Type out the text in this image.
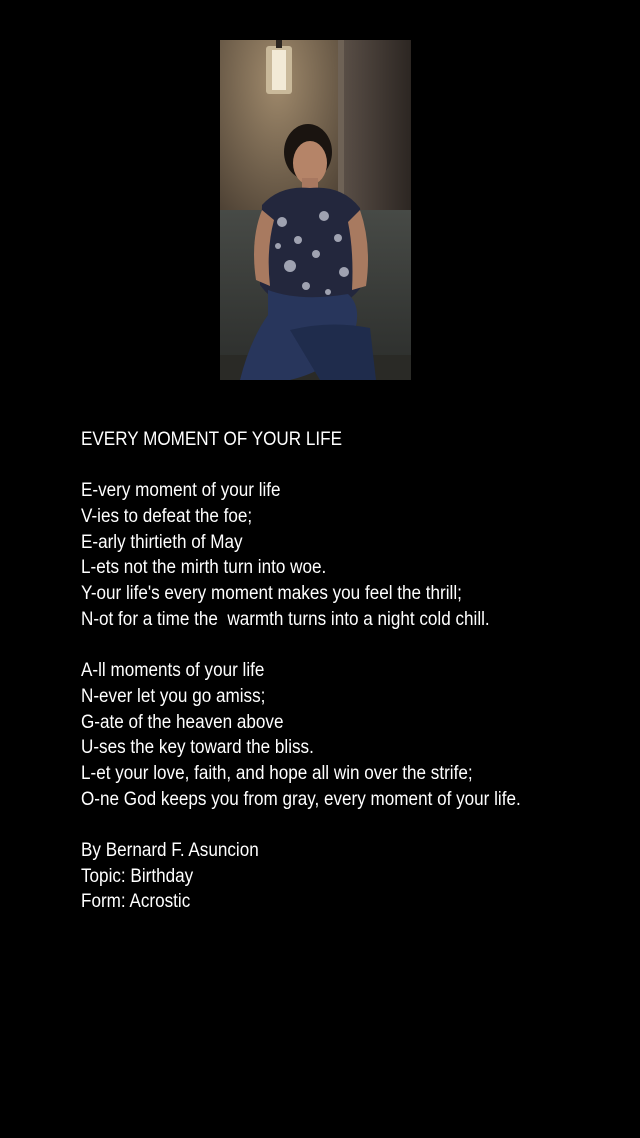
EVERY MOMENT OF YOUR LIFE
E-very moment of your life
V-ies to defeat the foe;
E-arly thirtieth of May
L-ets not the mirth turn into woe.
Y-our life's every moment makes you feel the thrill;
N-ot for a time the  warmth turns into a night cold chill.
A-ll moments of your life
N-ever let you go amiss;
G-ate of the heaven above
U-ses the key toward the bliss.
L-et your love, faith, and hope all win over the strife;
O-ne God keeps you from gray, every moment of your life.
By Bernard F. Asuncion
Topic: Birthday
Form: Acrostic
